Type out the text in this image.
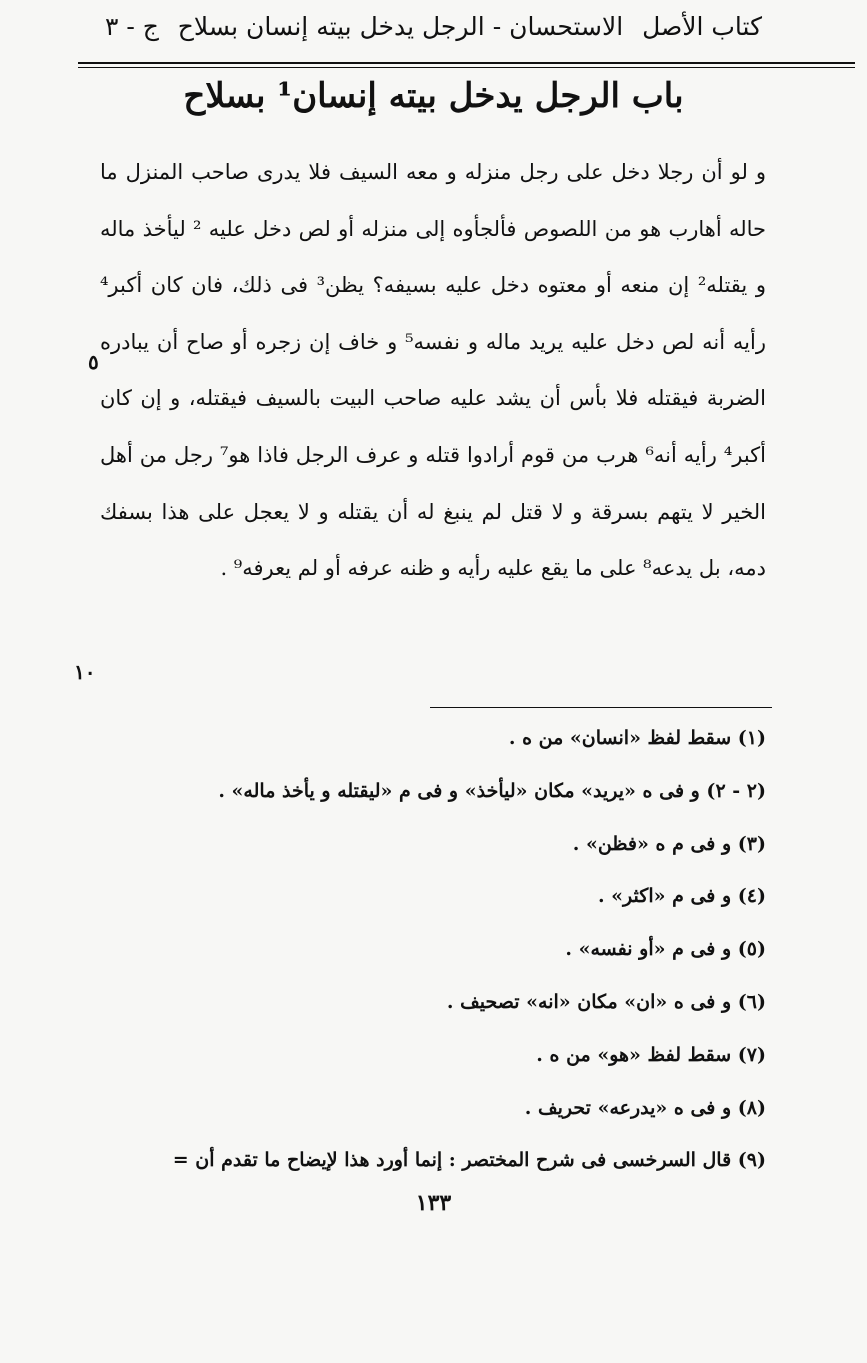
كتاب الأصل
الاستحسان - الرجل يدخل بيته إنسان بسلاح
ج - ٣
باب الرجل يدخل بيته إنسان¹ بسلاح

و لو أن رجلا دخل على رجل منزله و معه السيف فلا يدرى صاحب المنزل ما حاله أهارب هو من اللصوص فألجأوه إلى منزله أو لص دخل عليه ² ليأخذ ماله و يقتله² إن منعه أو معتوه دخل عليه بسيفه؟ يظن³ فى ذلك، فان كان أكبر⁴ رأيه أنه لص دخل عليه يريد ماله و نفسه⁵ و خاف إن زجره أو صاح أن يبادره الضربة فيقتله فلا بأس أن يشد عليه صاحب البيت بالسيف فيقتله، و إن كان أكبر⁴ رأيه أنه⁶ هرب من قوم أرادوا قتله و عرف الرجل فاذا هو⁷ رجل من أهل الخير لا يتهم بسرقة و لا قتل لم ينبغ له أن يقتله و لا يعجل على هذا بسفك دمه، بل يدعه⁸ على ما يقع عليه رأيه و ظنه عرفه أو لم يعرفه⁹ .

٥
١٠
(١) سقط لفظ «انسان» من ه .
(٢ - ٢) و فى ه «يريد» مكان «ليأخذ» و فى م «ليقتله و يأخذ ماله» .
(٣) و فى م ه «فظن» .
(٤) و فى م «اكثر» .
(٥) و فى م «أو نفسه» .
(٦) و فى ه «ان» مكان «انه» تصحيف .
(٧) سقط لفظ «هو» من ه .
(٨) و فى ه «يدرعه» تحريف .
(٩) قال السرخسى فى شرح المختصر : إنما أورد هذا لإيضاح ما تقدم أن =
١٣٣
